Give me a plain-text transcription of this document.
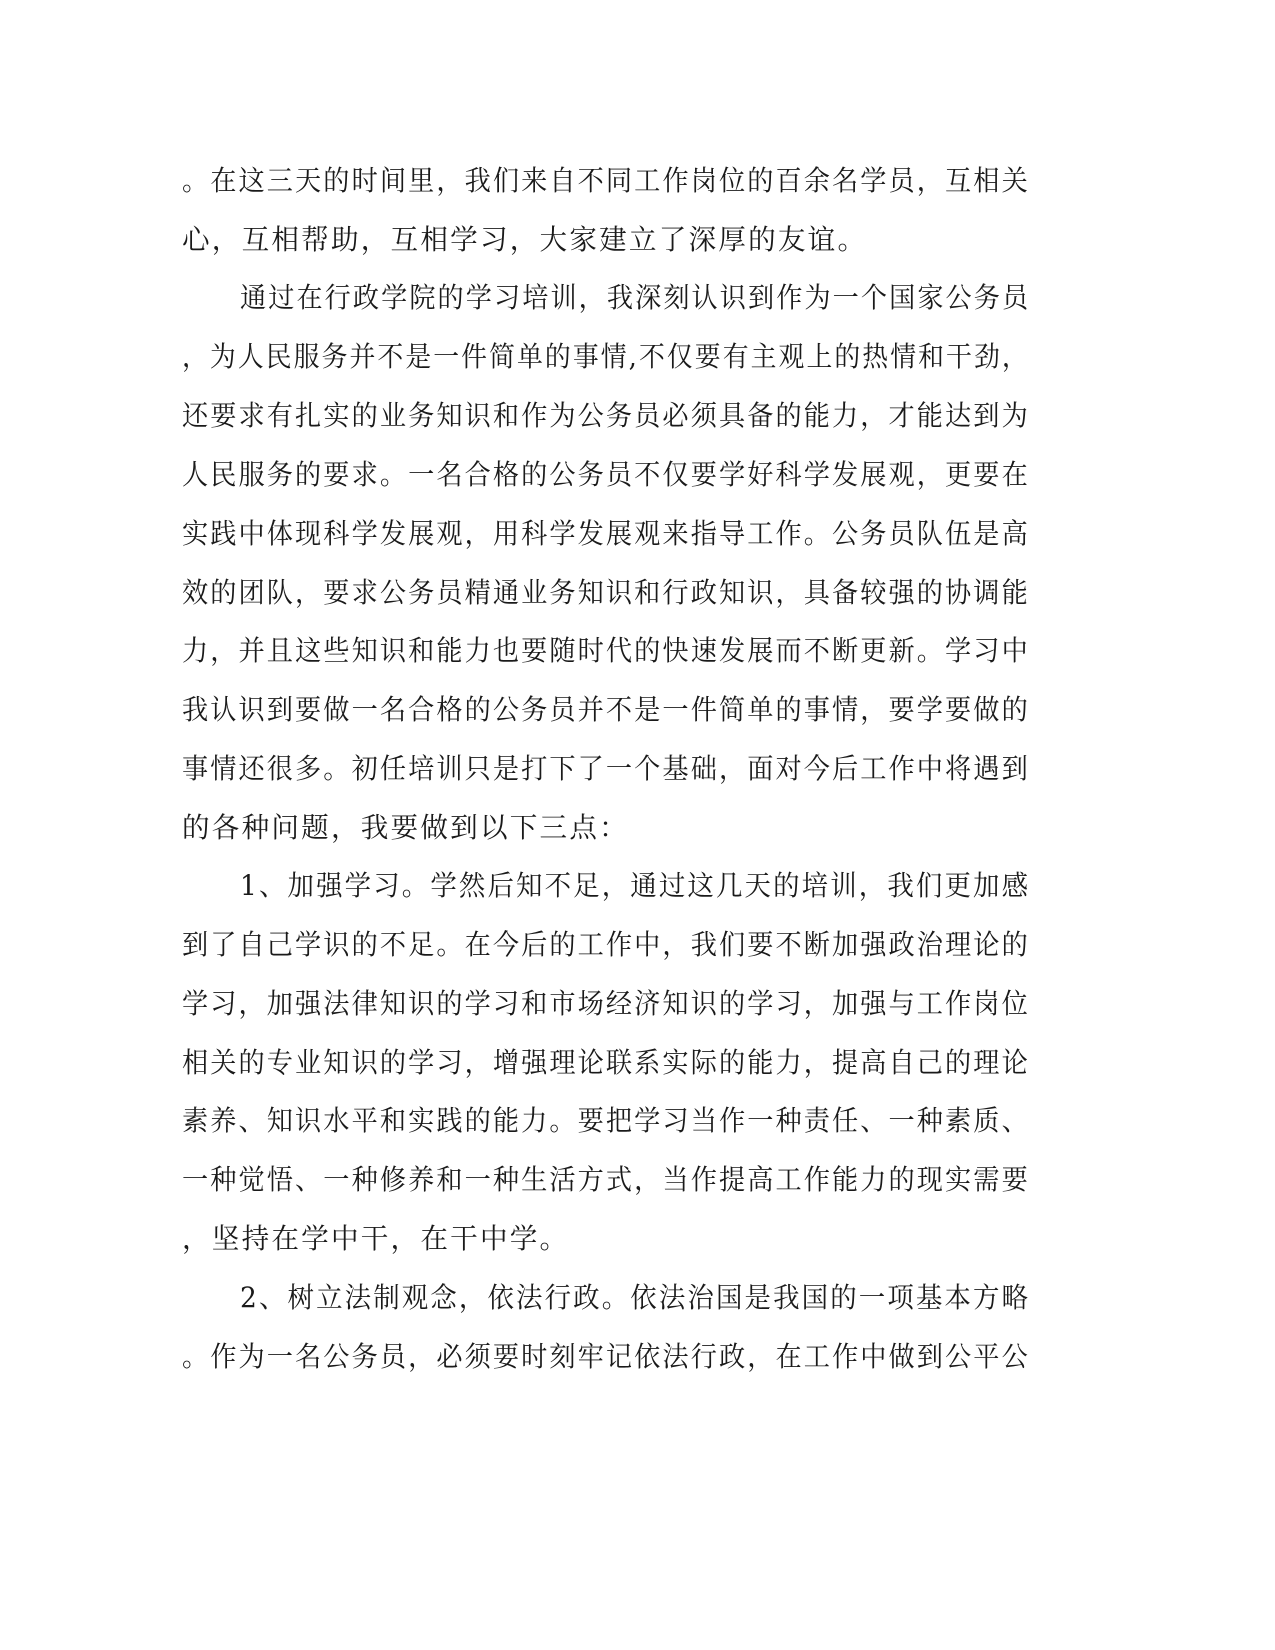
。在这三天的时间里，我们来自不同工作岗位的百余名学员，互相关
心，互相帮助，互相学习，大家建立了深厚的友谊。
通过在行政学院的学习培训，我深刻认识到作为一个国家公务员
，为人民服务并不是一件简单的事情,不仅要有主观上的热情和干劲，
还要求有扎实的业务知识和作为公务员必须具备的能力，才能达到为
人民服务的要求。一名合格的公务员不仅要学好科学发展观，更要在
实践中体现科学发展观，用科学发展观来指导工作。公务员队伍是高
效的团队，要求公务员精通业务知识和行政知识，具备较强的协调能
力，并且这些知识和能力也要随时代的快速发展而不断更新。学习中
我认识到要做一名合格的公务员并不是一件简单的事情，要学要做的
事情还很多。初任培训只是打下了一个基础，面对今后工作中将遇到
的各种问题，我要做到以下三点：
1、加强学习。学然后知不足，通过这几天的培训，我们更加感
到了自己学识的不足。在今后的工作中，我们要不断加强政治理论的
学习，加强法律知识的学习和市场经济知识的学习，加强与工作岗位
相关的专业知识的学习，增强理论联系实际的能力，提高自己的理论
素养、知识水平和实践的能力。要把学习当作一种责任、一种素质、
一种觉悟、一种修养和一种生活方式，当作提高工作能力的现实需要
，坚持在学中干，在干中学。
2、树立法制观念，依法行政。依法治国是我国的一项基本方略
。作为一名公务员，必须要时刻牢记依法行政，在工作中做到公平公
